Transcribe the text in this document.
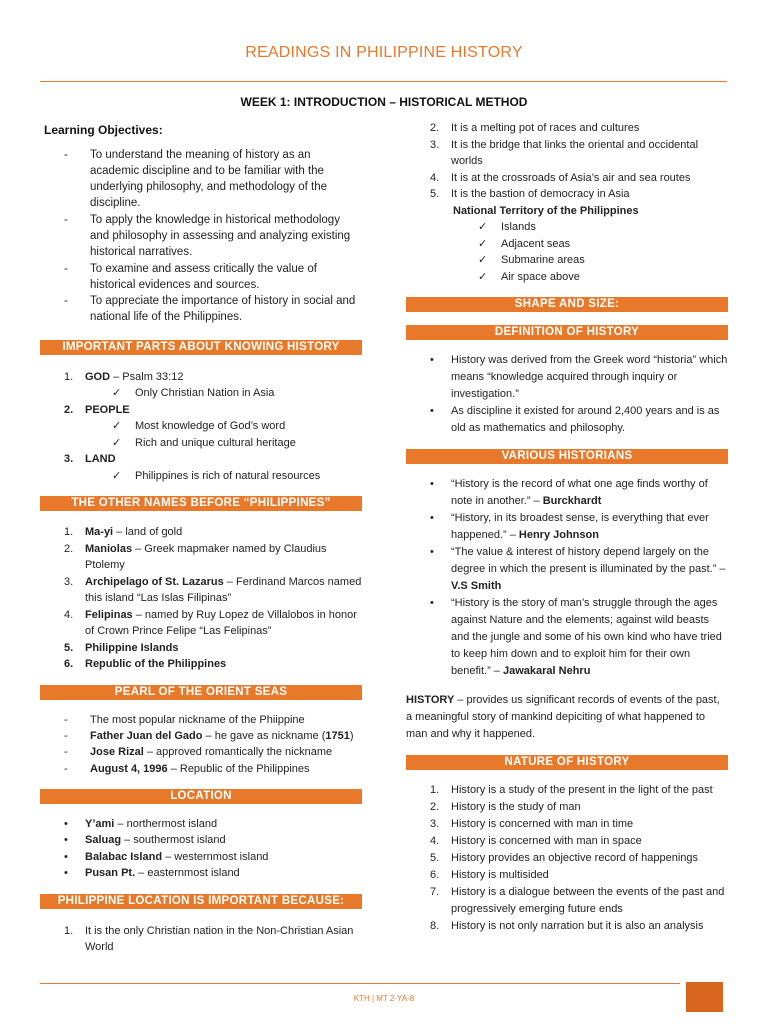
READINGS IN PHILIPPINE HISTORY
WEEK 1: INTRODUCTION – HISTORICAL METHOD
Learning Objectives:
- To understand the meaning of history as an academic discipline and to be familiar with the underlying philosophy, and methodology of the discipline.
- To apply the knowledge in historical methodology and philosophy in assessing and analyzing existing historical narratives.
- To examine and assess critically the value of historical evidences and sources.
- To appreciate the importance of history in social and national life of the Philippines.
IMPORTANT PARTS ABOUT KNOWING HISTORY
1. GOD – Psalm 33:12
✓ Only Christian Nation in Asia
2. PEOPLE
✓ Most knowledge of God’s word
✓ Rich and unique cultural heritage
3. LAND
✓ Philippines is rich of natural resources
THE OTHER NAMES BEFORE “PHILIPPINES”
1. Ma-yi – land of gold
2. Maniolas – Greek mapmaker named by Claudius Ptolemy
3. Archipelago of St. Lazarus – Ferdinand Marcos named this island “Las Islas Filipinas”
4. Felipinas – named by Ruy Lopez de Villalobos in honor of Crown Prince Felipe “Las Felipinas”
5. Philippine Islands
6. Republic of the Philippines
PEARL OF THE ORIENT SEAS
- The most popular nickname of the Phiippine
- Father Juan del Gado – he gave as nickname (1751)
- Jose Rizal – approved romantically the nickname
- August 4, 1996 – Republic of the Philippines
LOCATION
• Y’ami – northermost island
• Saluag – southermost island
• Balabac Island – westernmost island
• Pusan Pt. – easternmost island
PHILIPPINE LOCATION IS IMPORTANT BECAUSE:
1. It is the only Christian nation in the Non-Christian Asian World
2. It is a melting pot of races and cultures
3. It is the bridge that links the oriental and occidental worlds
4. It is at the crossroads of Asia’s air and sea routes
5. It is the bastion of democracy in Asia
National Territory of the Philippines
✓ Islands
✓ Adjacent seas
✓ Submarine areas
✓ Air space above
SHAPE AND SIZE:
DEFINITION OF HISTORY
• History was derived from the Greek word “historia” which means “knowledge acquired through inquiry or investigation.”
• As discipline it existed for around 2,400 years and is as old as mathematics and philosophy.
VARIOUS HISTORIANS
• “History is the record of what one age finds worthy of note in another.” – Burckhardt
• “History, in its broadest sense, is everything that ever happened.” – Henry Johnson
• “The value & interest of history depend largely on the degree in which the present is illuminated by the past.” – V.S Smith
• “History is the story of man’s struggle through the ages against Nature and the elements; against wild beasts and the jungle and some of his own kind who have tried to keep him down and to exploit him for their own benefit.” – Jawakaral Nehru
HISTORY – provides us significant records of events of the past, a meaningful story of mankind depiciting of what happened to man and why it happened.
NATURE OF HISTORY
1. History is a study of the present in the light of the past
2. History is the study of man
3. History is concerned with man in time
4. History is concerned with man in space
5. History provides an objective record of happenings
6. History is multisided
7. History is a dialogue between the events of the past and progressively emerging future ends
8. History is not only narration but it is also an analysis
KTH | MT 2-YA-8
